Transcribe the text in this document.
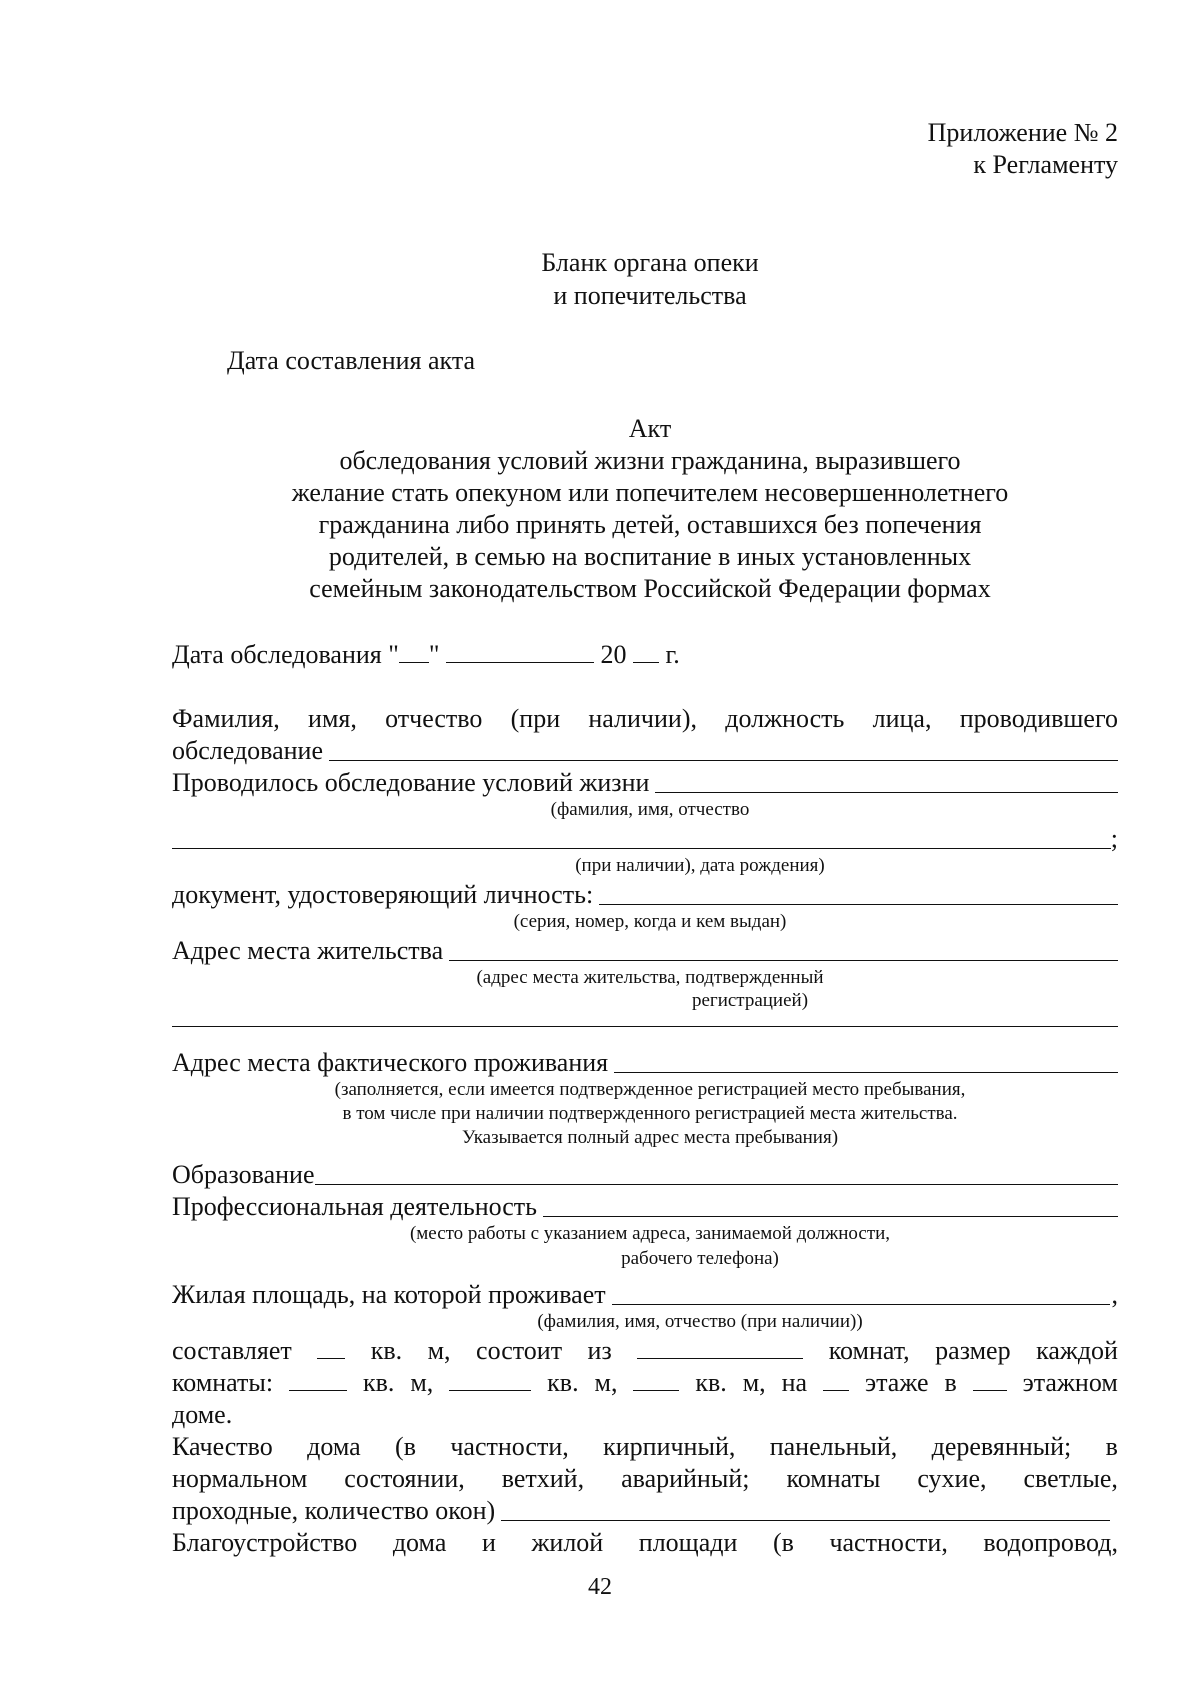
Приложение № 2
к Регламенту
Бланк органа опеки
и попечительства
Дата составления акта
Акт
обследования условий жизни гражданина, выразившего
желание стать опекуном или попечителем несовершеннолетнего
гражданина либо принять детей, оставшихся без попечения
родителей, в семью на воспитание в иных установленных
семейным законодательством Российской Федерации формах
Дата обследования " "	20 г.
Фамилия, имя, отчество (при наличии), должность лица, проводившего
обследование
Проводилось обследование условий жизни
(фамилия, имя, отчество
;
(при наличии), дата рождения)
документ, удостоверяющий личность:
(серия, номер, когда и кем выдан)
Адрес места жительства
(адрес места жительства, подтвержденный
регистрацией)
Адрес места фактического проживания
(заполняется, если имеется подтвержденное регистрацией место пребывания,
в том числе при наличии подтвержденного регистрацией места жительства.
Указывается полный адрес места пребывания)
Образование
Профессиональная деятельность
(место работы с указанием адреса, занимаемой должности,
рабочего телефона)
Жилая площадь, на которой проживает	,
(фамилия, имя, отчество (при наличии))
составляет	кв. м, состоит из	комнат, размер каждой
комнаты:	кв. м,	кв. м,	кв. м, на этаже в	этажном
доме.
Качество дома (в частности, кирпичный, панельный, деревянный; в
нормальном состоянии, ветхий, аварийный; комнаты сухие, светлые,
проходные, количество окон)
Благоустройство дома и жилой площади (в частности, водопровод,
42
